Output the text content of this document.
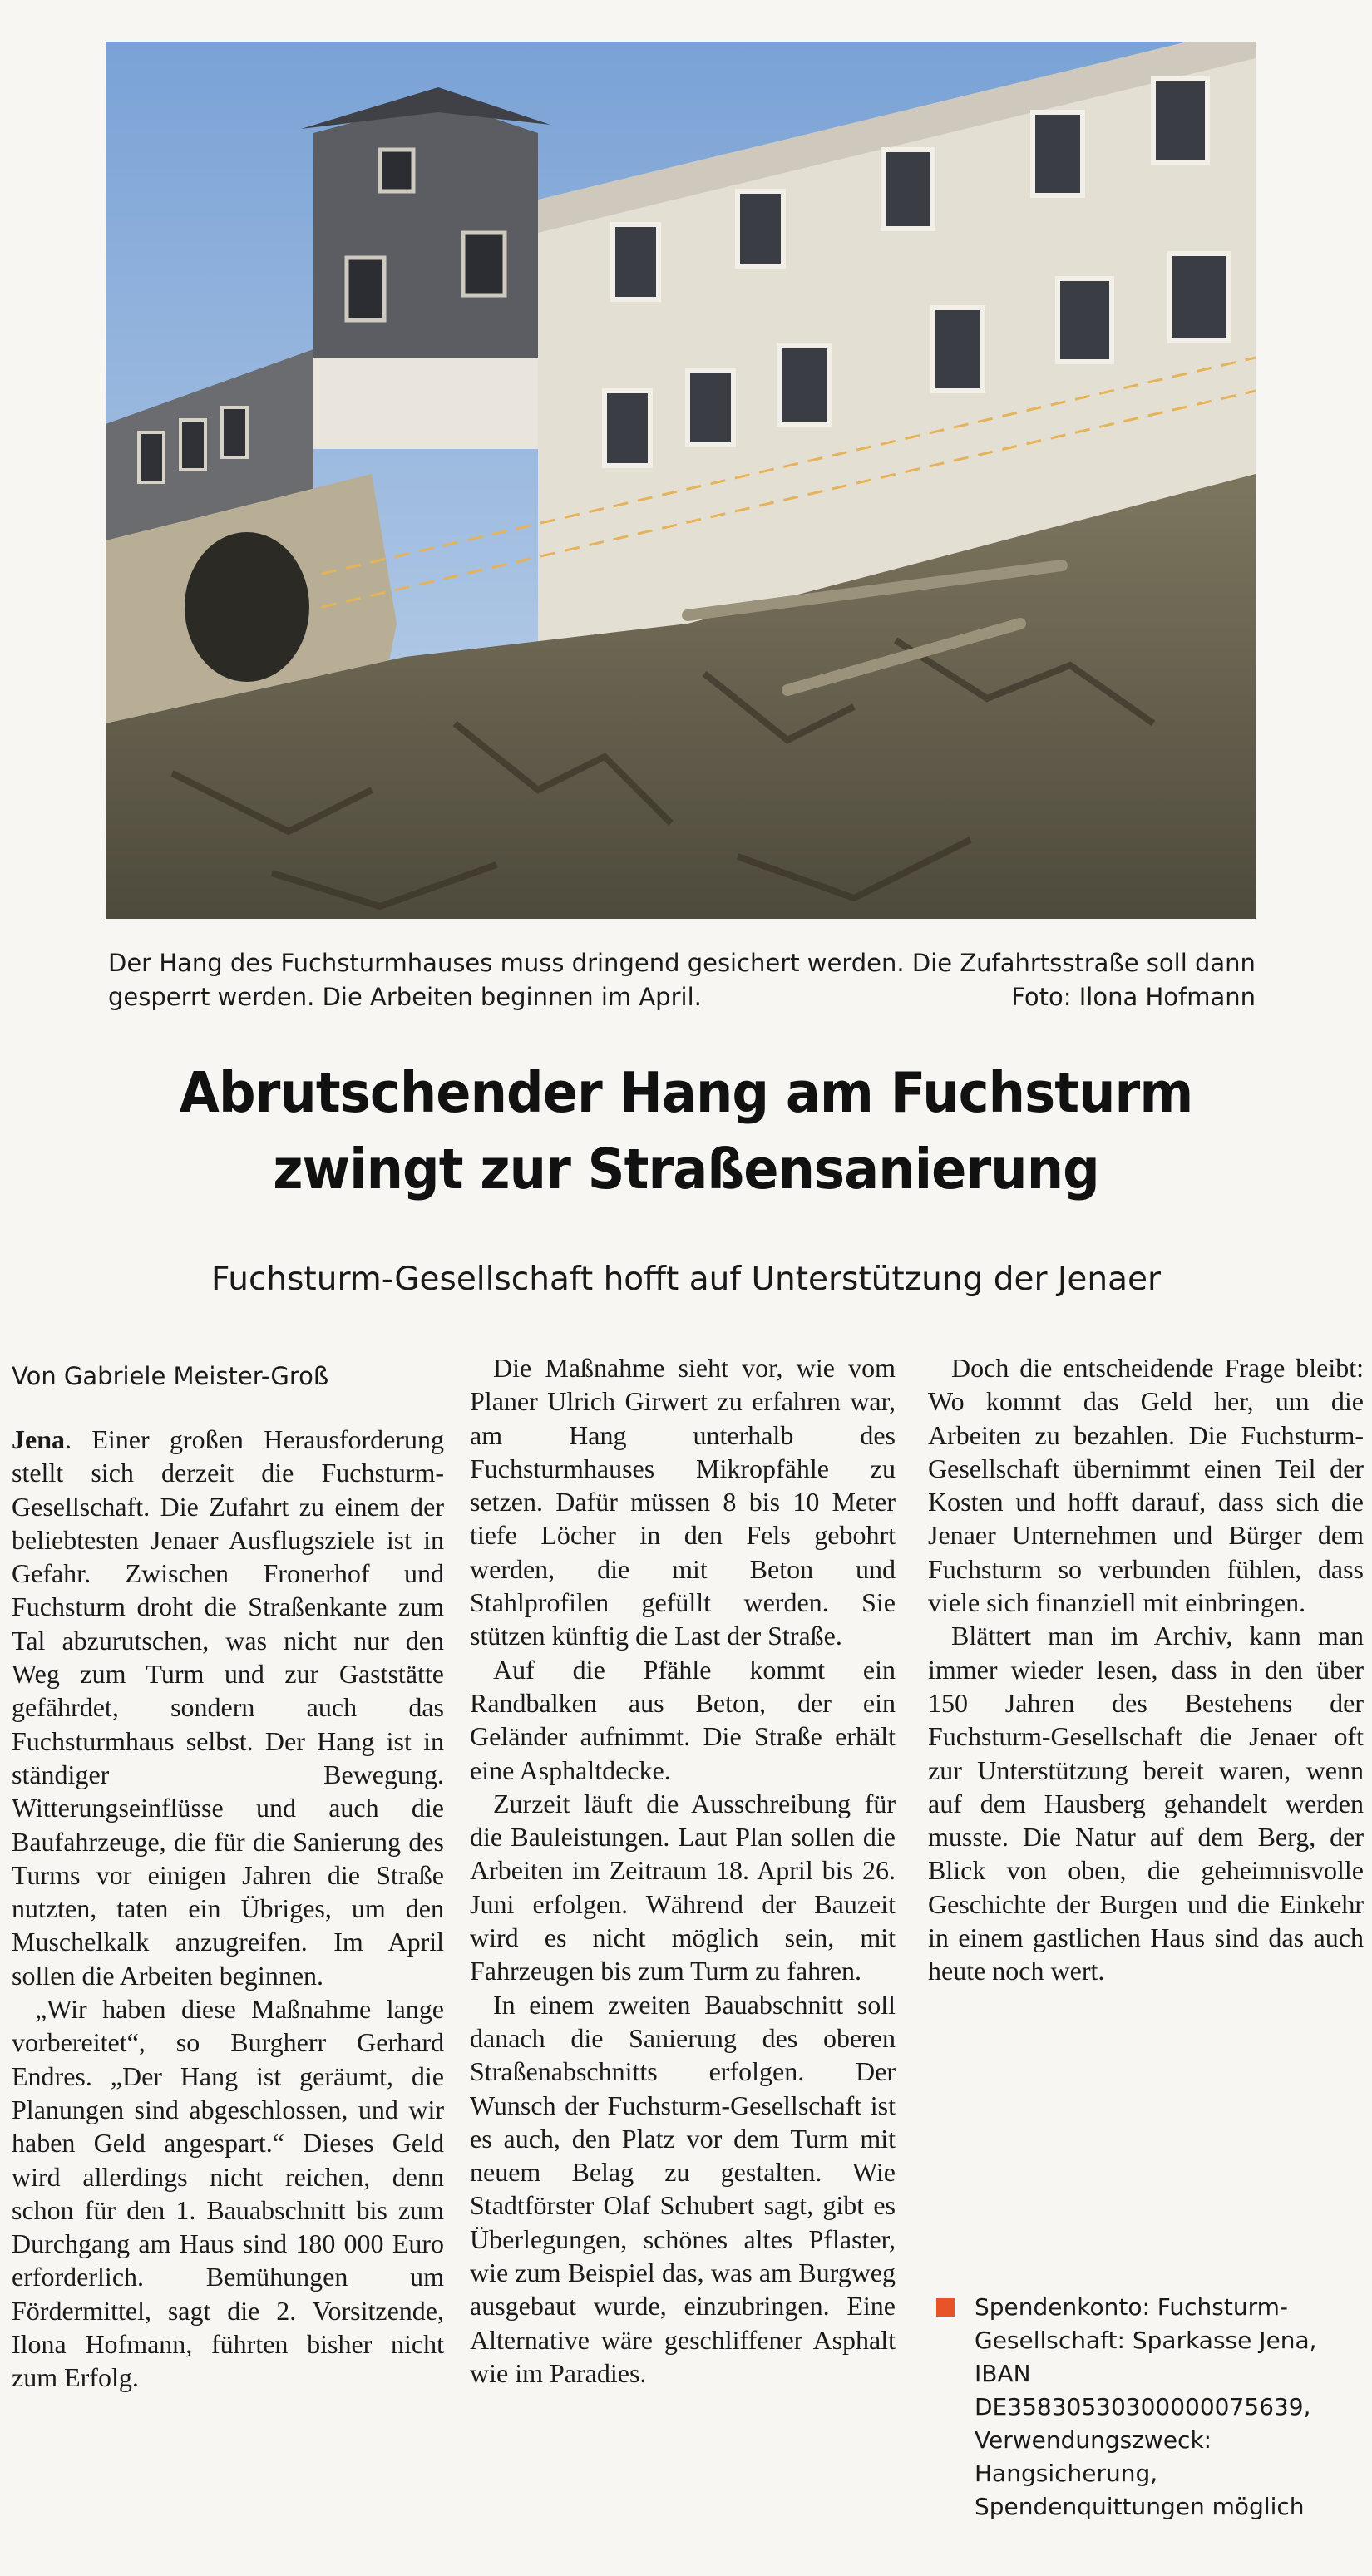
Der Hang des Fuchsturmhauses muss dringend gesichert werden. Die Zufahrtsstraße soll dann gesperrt werden. Die Arbeiten beginnen im April.	Foto: Ilona Hofmann
Abrutschender Hang am Fuchsturm
zwingt zur Straßensanierung
Fuchsturm-Gesellschaft hofft auf Unterstützung der Jenaer

Von Gabriele Meister-Groß

Jena. Einer großen Herausforderung stellt sich derzeit die Fuchsturm-Gesellschaft. Die Zufahrt zu einem der beliebtesten Jenaer Ausflugsziele ist in Gefahr. Zwischen Fronerhof und Fuchsturm droht die Straßenkante zum Tal abzurutschen, was nicht nur den Weg zum Turm und zur Gaststätte gefährdet, sondern auch das Fuchsturmhaus selbst. Der Hang ist in ständiger Bewegung. Witterungseinflüsse und auch die Baufahrzeuge, die für die Sanierung des Turms vor einigen Jahren die Straße nutzten, taten ein Übriges, um den Muschelkalk anzugreifen. Im April sollen die Arbeiten beginnen.

„Wir haben diese Maßnahme lange vorbereitet“, so Burgherr Gerhard Endres. „Der Hang ist geräumt, die Planungen sind abgeschlossen, und wir haben Geld angespart.“ Dieses Geld wird allerdings nicht reichen, denn schon für den 1. Bauabschnitt bis zum Durchgang am Haus sind 180 000 Euro erforderlich. Bemühungen um Fördermittel, sagt die 2. Vorsitzende, Ilona Hofmann, führten bisher nicht zum Erfolg.

Die Maßnahme sieht vor, wie vom Planer Ulrich Girwert zu erfahren war, am Hang unterhalb des Fuchsturmhauses Mikropfähle zu setzen. Dafür müssen 8 bis 10 Meter tiefe Löcher in den Fels gebohrt werden, die mit Beton und Stahlprofilen gefüllt werden. Sie stützen künftig die Last der Straße.

Auf die Pfähle kommt ein Randbalken aus Beton, der ein Geländer aufnimmt. Die Straße erhält eine Asphaltdecke.

Zurzeit läuft die Ausschreibung für die Bauleistungen. Laut Plan sollen die Arbeiten im Zeitraum 18. April bis 26. Juni erfolgen. Während der Bauzeit wird es nicht möglich sein, mit Fahrzeugen bis zum Turm zu fahren.

In einem zweiten Bauabschnitt soll danach die Sanierung des oberen Straßenabschnitts erfolgen. Der Wunsch der Fuchsturm-Gesellschaft ist es auch, den Platz vor dem Turm mit neuem Belag zu gestalten. Wie Stadtförster Olaf Schubert sagt, gibt es Überlegungen, schönes altes Pflaster, wie zum Beispiel das, was am Burgweg ausgebaut wurde, einzubringen. Eine Alternative wäre geschliffener Asphalt wie im Paradies.

Doch die entscheidende Frage bleibt: Wo kommt das Geld her, um die Arbeiten zu bezahlen. Die Fuchsturm-Gesellschaft übernimmt einen Teil der Kosten und hofft darauf, dass sich die Jenaer Unternehmen und Bürger dem Fuchsturm so verbunden fühlen, dass viele sich finanziell mit einbringen.

Blättert man im Archiv, kann man immer wieder lesen, dass in den über 150 Jahren des Bestehens der Fuchsturm-Gesellschaft die Jenaer oft zur Unterstützung bereit waren, wenn auf dem Hausberg gehandelt werden musste. Die Natur auf dem Berg, der Blick von oben, die geheimnisvolle Geschichte der Burgen und die Einkehr in einem gastlichen Haus sind das auch heute noch wert.

Spendenkonto: Fuchsturm-Gesellschaft: Sparkasse Jena, IBAN DE35830530300000075639, Verwendungszweck: Hangsicherung, Spendenquittungen möglich
